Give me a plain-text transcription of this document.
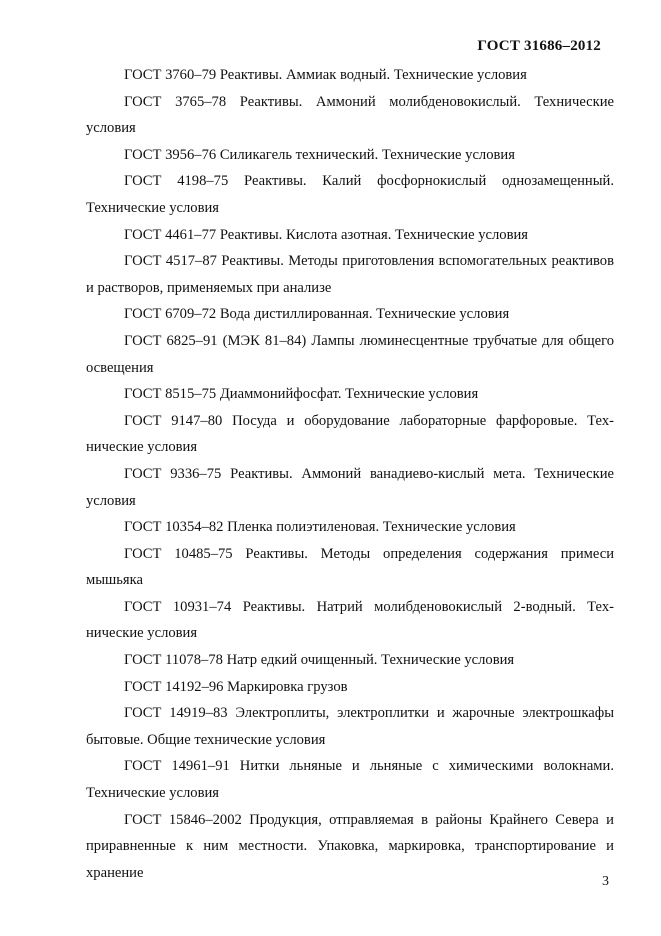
ГОСТ 31686–2012

ГОСТ 3760–79 Реактивы. Аммиак водный. Технические условия

ГОСТ 3765–78 Реактивы. Аммоний молибденовокислый. Технические условия

ГОСТ 3956–76 Силикагель технический. Технические условия

ГОСТ 4198–75 Реактивы. Калий фосфорнокислый однозамещенный. Технические условия

ГОСТ 4461–77 Реактивы. Кислота азотная. Технические условия

ГОСТ 4517–87 Реактивы. Методы приготовления вспомогательных реактивов и растворов, применяемых при анализе

ГОСТ 6709–72 Вода дистиллированная. Технические условия

ГОСТ 6825–91 (МЭК 81–84) Лампы люминесцентные трубчатые для общего освещения

ГОСТ 8515–75 Диаммонийфосфат. Технические условия

ГОСТ 9147–80 Посуда и оборудование лабораторные фарфоровые. Технические условия

ГОСТ 9336–75 Реактивы. Аммоний ванадиево-кислый мета. Технические условия

ГОСТ 10354–82 Пленка полиэтиленовая. Технические условия

ГОСТ 10485–75 Реактивы. Методы определения содержания примеси мышьяка

ГОСТ 10931–74 Реактивы. Натрий молибденовокислый 2-водный. Технические условия

ГОСТ 11078–78 Натр едкий очищенный. Технические условия

ГОСТ 14192–96 Маркировка грузов

ГОСТ 14919–83 Электроплиты, электроплитки и жарочные электрошкафы бытовые. Общие технические условия

ГОСТ 14961–91 Нитки льняные и льняные с химическими волокнами. Технические условия

ГОСТ 15846–2002 Продукция, отправляемая в районы Крайнего Севера и приравненные к ним местности. Упаковка, маркировка, транспортирование и хранение

3
